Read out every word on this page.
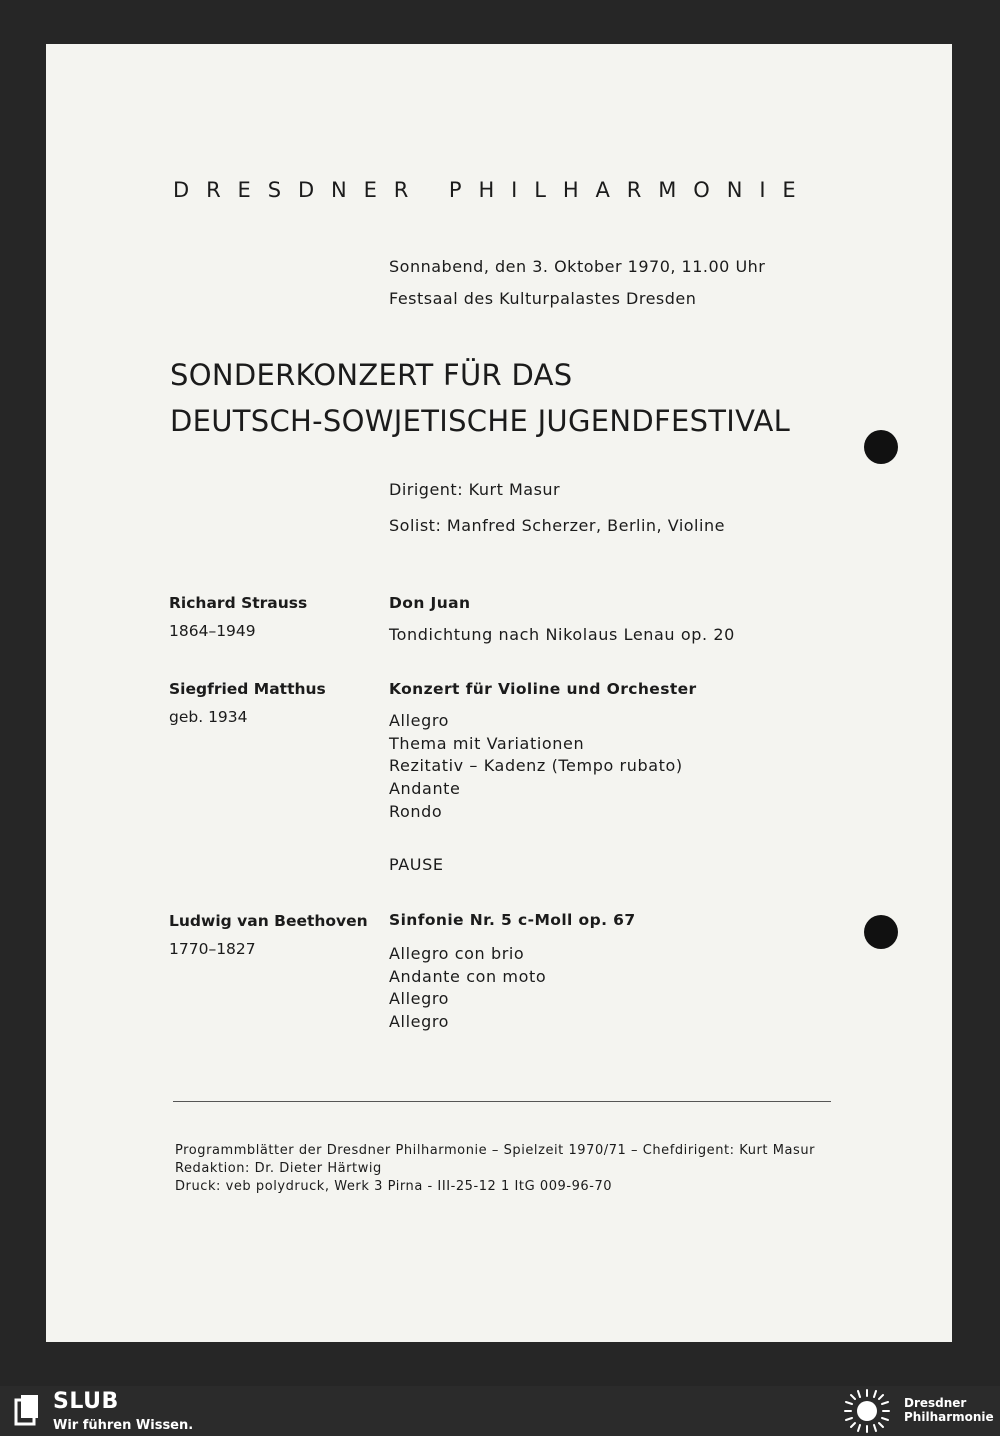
DRESDNER PHILHARMONIE
Sonnabend, den 3. Oktober 1970, 11.00 Uhr
Festsaal des Kulturpalastes Dresden
SONDERKONZERT FÜR DAS
DEUTSCH-SOWJETISCHE JUGENDFESTIVAL
Dirigent: Kurt Masur
Solist: Manfred Scherzer, Berlin, Violine
Richard Strauss
1864–1949
Don Juan
Tondichtung nach Nikolaus Lenau op. 20
Siegfried Matthus
geb. 1934
Konzert für Violine und Orchester
Allegro
Thema mit Variationen
Rezitativ – Kadenz (Tempo rubato)
Andante
Rondo
PAUSE
Ludwig van Beethoven
1770–1827
Sinfonie Nr. 5 c-Moll op. 67
Allegro con brio
Andante con moto
Allegro
Allegro
Programmblätter der Dresdner Philharmonie – Spielzeit 1970/71 – Chefdirigent: Kurt Masur
Redaktion: Dr. Dieter Härtwig
Druck: veb polydruck, Werk 3 Pirna - III-25-12 1 ItG 009-96-70
SLUB
Wir führen Wissen.
Dresdner
Philharmonie
